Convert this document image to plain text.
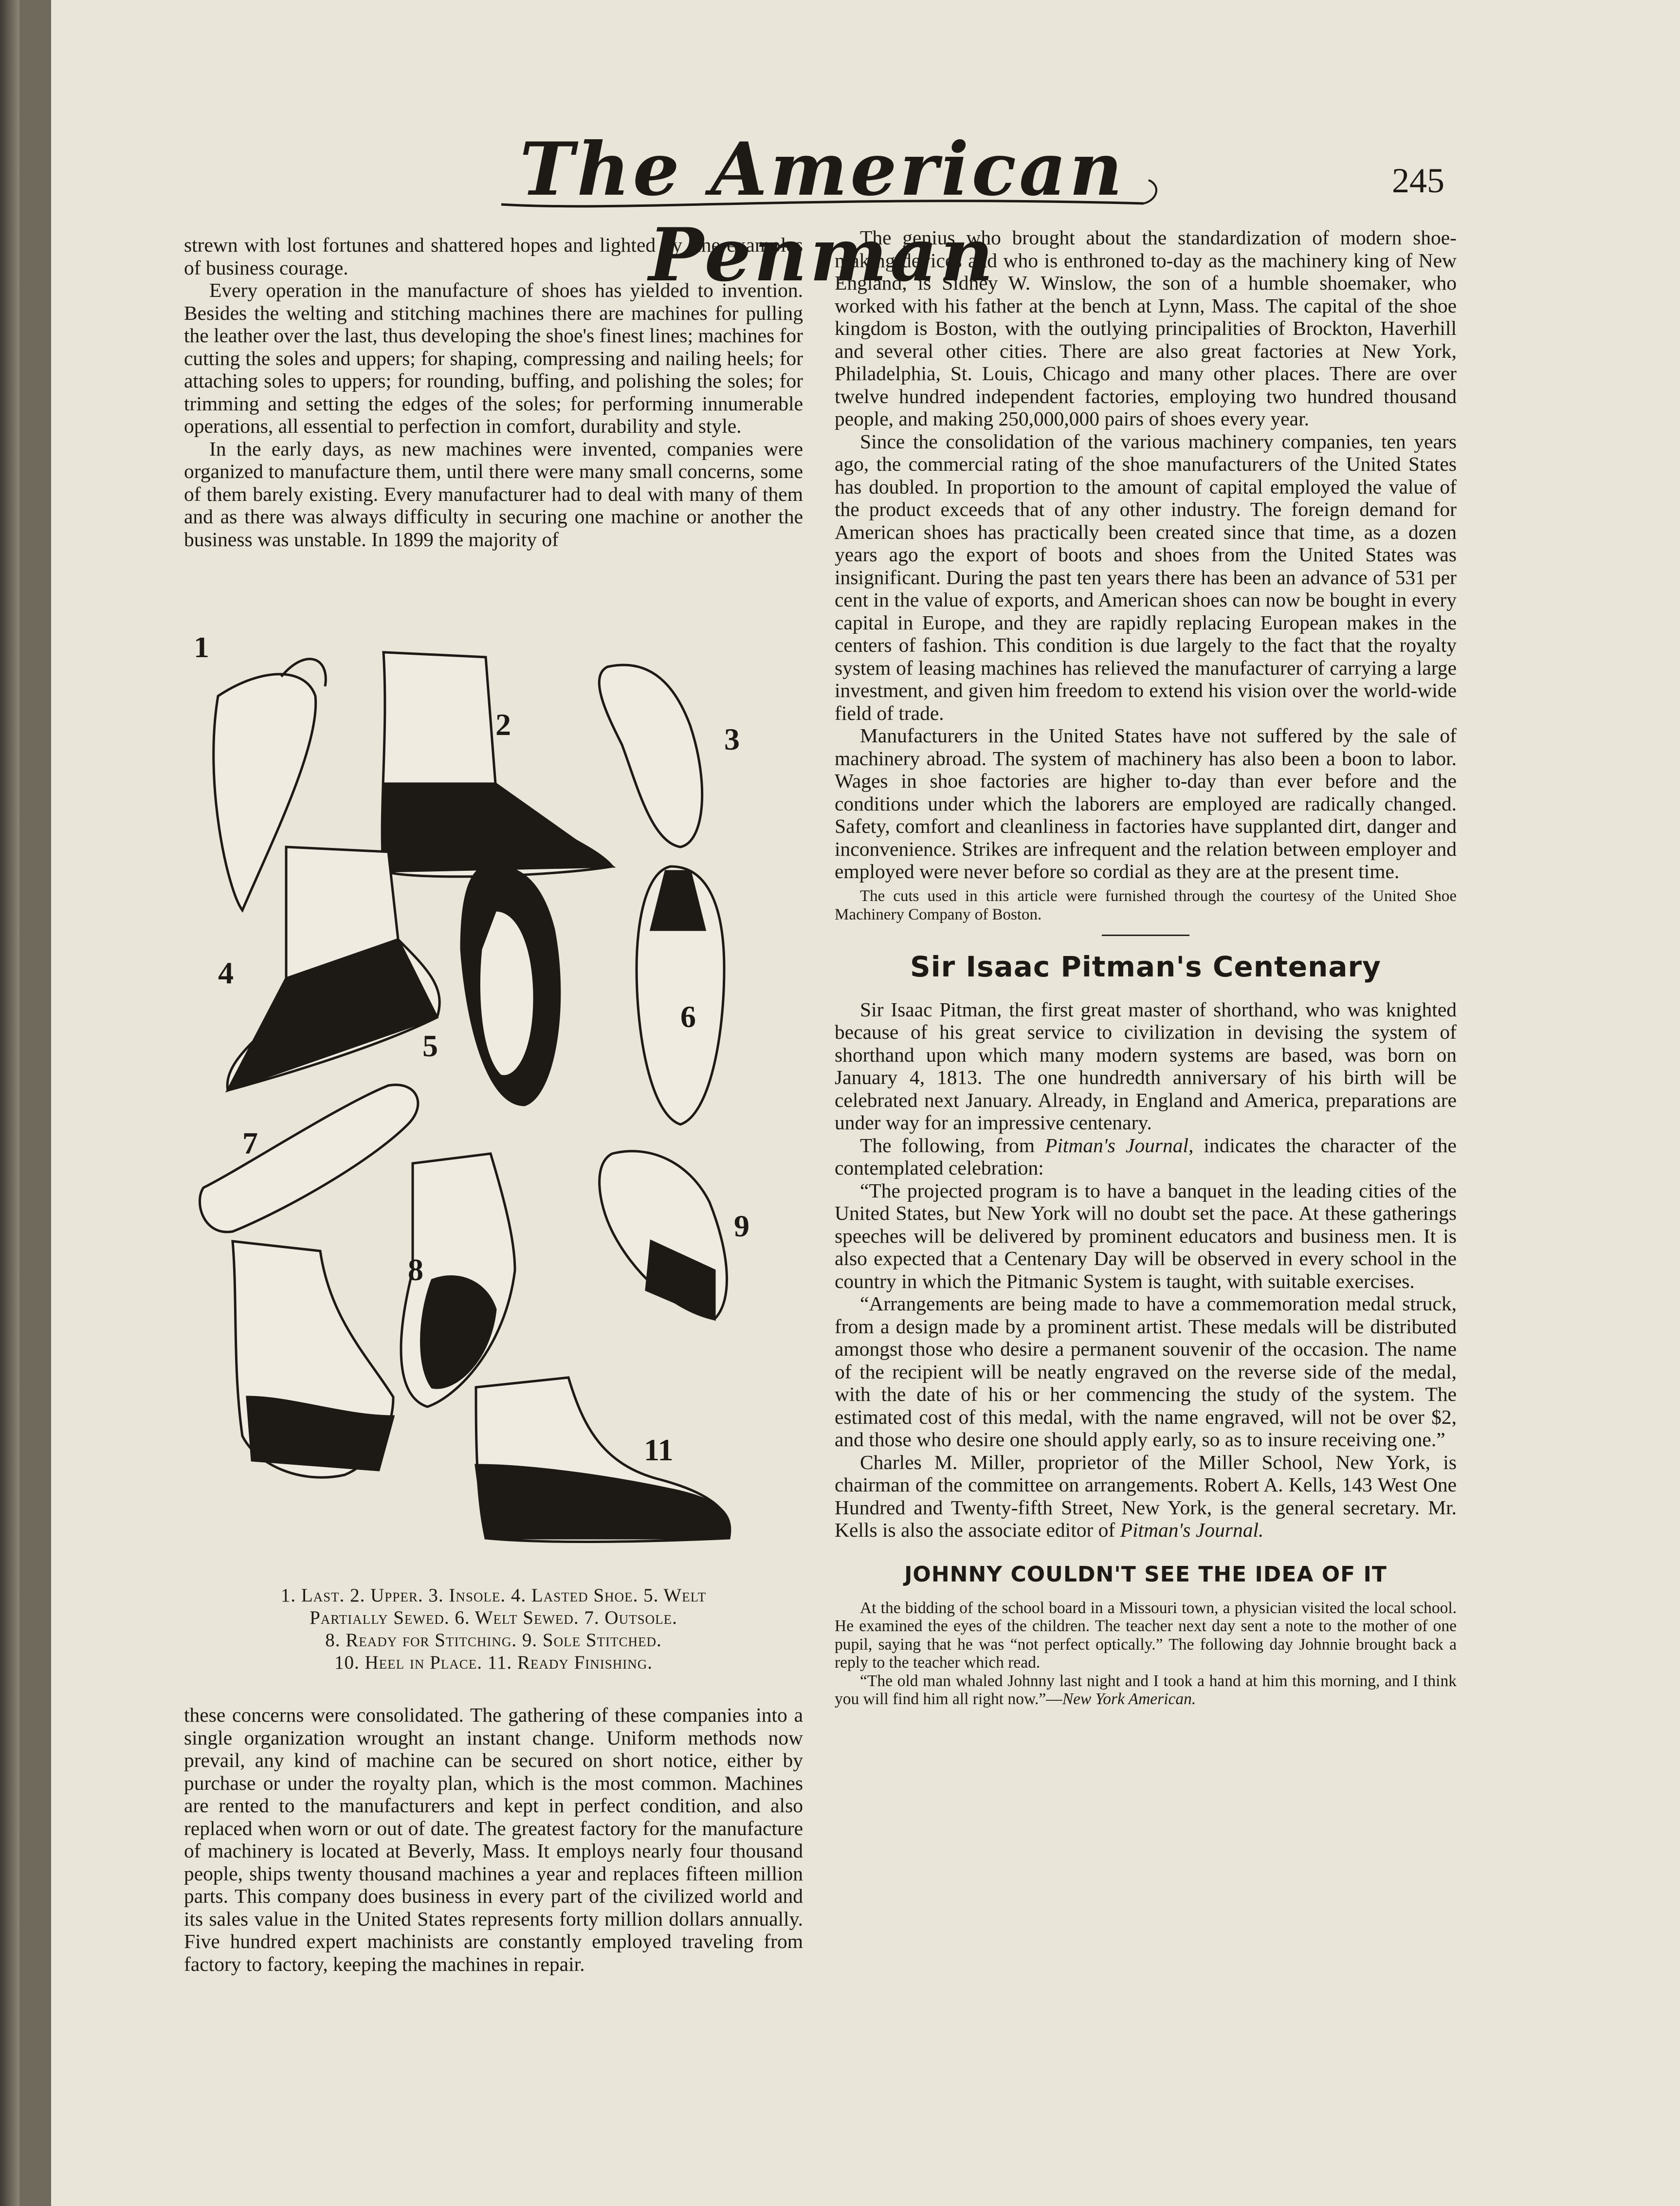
The American Penman
245

strewn with lost fortunes and shattered hopes and lighted by fine examples of business courage.

Every operation in the manufacture of shoes has yielded to invention. Besides the welting and stitching machines there are machines for pulling the leather over the last, thus developing the shoe's finest lines; machines for cutting the soles and uppers; for shaping, compressing and nailing heels; for attaching soles to uppers; for rounding, buffing, and polishing the soles; for trimming and setting the edges of the soles; for performing innumerable operations, all essential to perfection in comfort, durability and style.

In the early days, as new machines were invented, companies were organized to manufacture them, until there were many small concerns, some of them barely existing. Every manufacturer had to deal with many of them and as there was always difficulty in securing one machine or another the business was unstable. In 1899 the majority of

1
2	3
4
5
6
7
8
9
10
11
1. Last. 2. Upper. 3. Insole. 4. Lasted Shoe. 5. Welt
Partially Sewed. 6. Welt Sewed. 7. Outsole.
8. Ready for Stitching. 9. Sole Stitched.
10. Heel in Place. 11. Ready Finishing.

these concerns were consolidated. The gathering of these companies into a single organization wrought an instant change. Uniform methods now prevail, any kind of machine can be secured on short notice, either by purchase or under the royalty plan, which is the most common. Machines are rented to the manufacturers and kept in perfect condition, and also replaced when worn or out of date. The greatest factory for the manufacture of machinery is located at Beverly, Mass. It employs nearly four thousand people, ships twenty thousand machines a year and replaces fifteen million parts. This company does business in every part of the civilized world and its sales value in the United States represents forty million dollars annually. Five hundred expert machinists are constantly employed traveling from factory to factory, keeping the machines in repair.

The genius who brought about the standardization of modern shoe-making devices and who is enthroned to-day as the machinery king of New England, is Sidney W. Winslow, the son of a humble shoemaker, who worked with his father at the bench at Lynn, Mass. The capital of the shoe kingdom is Boston, with the outlying principalities of Brockton, Haverhill and several other cities. There are also great factories at New York, Philadelphia, St. Louis, Chicago and many other places. There are over twelve hundred independent factories, employing two hundred thousand people, and making 250,000,000 pairs of shoes every year.

Since the consolidation of the various machinery companies, ten years ago, the commercial rating of the shoe manufacturers of the United States has doubled. In proportion to the amount of capital employed the value of the product exceeds that of any other industry. The foreign demand for American shoes has practically been created since that time, as a dozen years ago the export of boots and shoes from the United States was insignificant. During the past ten years there has been an advance of 531 per cent in the value of exports, and American shoes can now be bought in every capital in Europe, and they are rapidly replacing European makes in the centers of fashion. This condition is due largely to the fact that the royalty system of leasing machines has relieved the manufacturer of carrying a large investment, and given him freedom to extend his vision over the world-wide field of trade.

Manufacturers in the United States have not suffered by the sale of machinery abroad. The system of machinery has also been a boon to labor. Wages in shoe factories are higher to-day than ever before and the conditions under which the laborers are employed are radically changed. Safety, comfort and cleanliness in factories have supplanted dirt, danger and inconvenience. Strikes are infrequent and the relation between employer and employed were never before so cordial as they are at the present time.

The cuts used in this article were furnished through the courtesy of the United Shoe Machinery Company of Boston.

Sir Isaac Pitman's Centenary

Sir Isaac Pitman, the first great master of shorthand, who was knighted because of his great service to civilization in devising the system of shorthand upon which many modern systems are based, was born on January 4, 1813. The one hundredth anniversary of his birth will be celebrated next January. Already, in England and America, preparations are under way for an impressive centenary.

The following, from Pitman's Journal, indicates the character of the contemplated celebration:

“The projected program is to have a banquet in the leading cities of the United States, but New York will no doubt set the pace. At these gatherings speeches will be delivered by prominent educators and business men. It is also expected that a Centenary Day will be observed in every school in the country in which the Pitmanic System is taught, with suitable exercises.

“Arrangements are being made to have a commemoration medal struck, from a design made by a prominent artist. These medals will be distributed amongst those who desire a permanent souvenir of the occasion. The name of the recipient will be neatly engraved on the reverse side of the medal, with the date of his or her commencing the study of the system. The estimated cost of this medal, with the name engraved, will not be over $2, and those who desire one should apply early, so as to insure receiving one.”

Charles M. Miller, proprietor of the Miller School, New York, is chairman of the committee on arrangements. Robert A. Kells, 143 West One Hundred and Twenty-fifth Street, New York, is the general secretary. Mr. Kells is also the associate editor of Pitman's Journal.

JOHNNY COULDN'T SEE THE IDEA OF IT

At the bidding of the school board in a Missouri town, a physician visited the local school. He examined the eyes of the children. The teacher next day sent a note to the mother of one pupil, saying that he was “not perfect optically.” The following day Johnnie brought back a reply to the teacher which read.

“The old man whaled Johnny last night and I took a hand at him this morning, and I think you will find him all right now.”—New York American.
